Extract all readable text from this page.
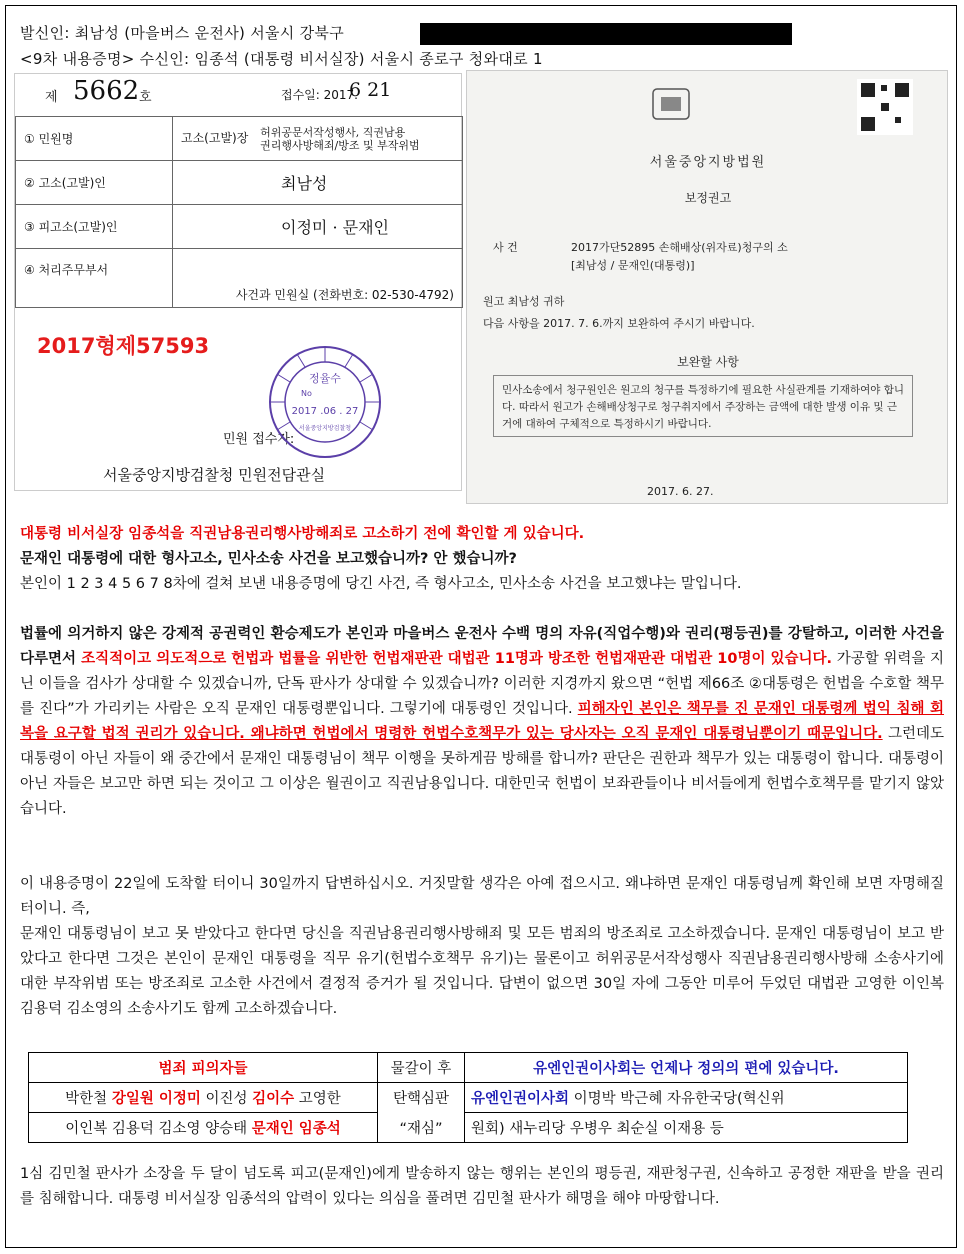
발신인: 최남성 (마을버스 운전사) 서울시 강북구
<9차 내용증명> 수신인: 임종석 (대통령 비서실장) 서울시 종로구 청와대로 1
제 5662 호	접수일: 2017.
6 21
① 민원명	고소(고발)장 허위공문서작성행사, 직권남용
권리행사방해죄/방조 및 부작위범
② 고소(고발)인	최남성
③ 피고소(고발)인	이정미 · 문재인
④ 처리주무부서	사건과 민원실 (전화번호: 02-530-4792)
2017형제57593
민원 접수자:
정율수
No
2017 .06 . 27
서울중앙지방검찰청
서울중앙지방검찰청 민원전담관실
서울중앙지방법원
보정권고
사 건	2017가단52895 손해배상(위자료)청구의 소
[최남성 / 문재인(대통령)]
원고 최남성 귀하
다음 사항을 2017. 7. 6.까지 보완하여 주시기 바랍니다.
보완할 사항
민사소송에서 청구원인은 원고의 청구를 특정하기에 필요한 사실관계를 기재하여야 합니다. 따라서 원고가 손해배상청구로 청구취지에서 주장하는 금액에 대한 발생 이유 및 근거에 대하여 구체적으로 특정하시기 바랍니다.
2017. 6. 27.
대통령 비서실장 임종석을 직권남용권리행사방해죄로 고소하기 전에 확인할 게 있습니다.
문재인 대통령에 대한 형사고소, 민사소송 사건을 보고했습니까? 안 했습니까?
본인이 1 2 3 4 5 6 7 8차에 걸쳐 보낸 내용증명에 당긴 사건, 즉 형사고소, 민사소송 사건을 보고했냐는 말입니다.
법률에 의거하지 않은 강제적 공권력인 환승제도가 본인과 마을버스 운전사 수백 명의 자유(직업수행)와 권리(평등권)를 강탈하고, 이러한 사건을 다루면서 조직적이고 의도적으로 헌법과 법률을 위반한 헌법재판관 대법관 11명과 방조한 헌법재판관 대법관 10명이 있습니다. 가공할 위력을 지닌 이들을 검사가 상대할 수 있겠습니까, 단독 판사가 상대할 수 있겠습니까? 이러한 지경까지 왔으면 “헌법 제66조 ②대통령은 헌법을 수호할 책무를 진다”가 가리키는 사람은 오직 문재인 대통령뿐입니다. 그렇기에 대통령인 것입니다. 피해자인 본인은 책무를 진 문재인 대통령께 법익 침해 회복을 요구할 법적 권리가 있습니다. 왜냐하면 헌법에서 명령한 헌법수호책무가 있는 당사자는 오직 문재인 대통령님뿐이기 때문입니다. 그런데도 대통령이 아닌 자들이 왜 중간에서 문재인 대통령님이 책무 이행을 못하게끔 방해를 합니까? 판단은 권한과 책무가 있는 대통령이 합니다. 대통령이 아닌 자들은 보고만 하면 되는 것이고 그 이상은 월권이고 직권남용입니다. 대한민국 헌법이 보좌관들이나 비서들에게 헌법수호책무를 맡기지 않았습니다.
이 내용증명이 22일에 도착할 터이니 30일까지 답변하십시오. 거짓말할 생각은 아예 접으시고. 왜냐하면 문재인 대통령님께 확인해 보면 자명해질 터이니. 즉,
문재인 대통령님이 보고 못 받았다고 한다면 당신을 직권남용권리행사방해죄 및 모든 범죄의 방조죄로 고소하겠습니다. 문재인 대통령님이 보고 받았다고 한다면 그것은 본인이 문재인 대통령을 직무 유기(헌법수호책무 유기)는 물론이고 허위공문서작성행사 직권남용권리행사방해 소송사기에 대한 부작위범 또는 방조죄로 고소한 사건에서 결정적 증거가 될 것입니다. 답변이 없으면 30일 자에 그동안 미루어 두었던 대법관 고영한 이인복 김용덕 김소영의 소송사기도 함께 고소하겠습니다.
범죄 피의자들	물갈이 후	유엔인권이사회는 언제나 정의의 편에 있습니다.
박한철 강일원 이정미 이진성 김이수 고영한	탄핵심판	유엔인권이사회 이명박 박근혜 자유한국당(혁신위
이인복 김용덕 김소영 양승태 문재인 임종석	“재심”	원회) 새누리당 우병우 최순실 이재용 등
1심 김민철 판사가 소장을 두 달이 넘도록 피고(문재인)에게 발송하지 않는 행위는 본인의 평등권, 재판청구권, 신속하고 공정한 재판을 받을 권리를 침해합니다. 대통령 비서실장 임종석의 압력이 있다는 의심을 풀려면 김민철 판사가 해명을 해야 마땅합니다.
